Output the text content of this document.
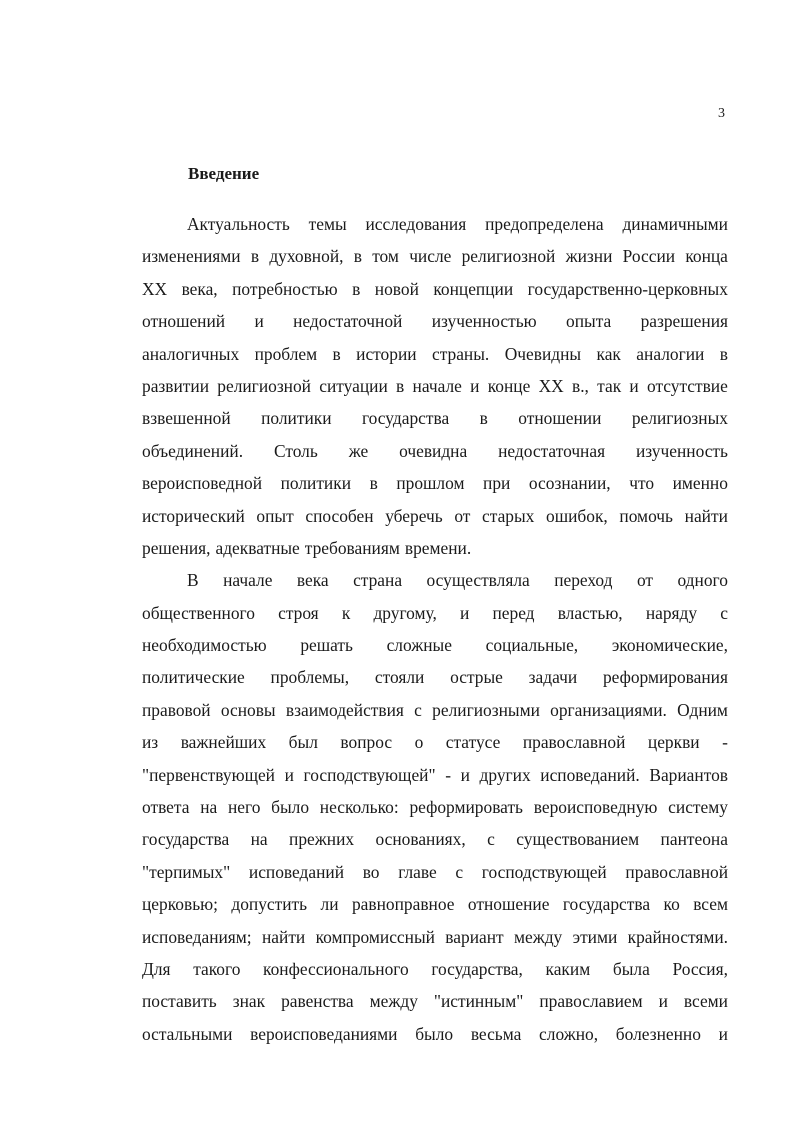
3
Введение
Актуальность темы исследования предопределена динамичными
изменениями в духовной, в том числе религиозной жизни России конца
XX века, потребностью в новой концепции государственно-церковных
отношений и недостаточной изученностью опыта разрешения
аналогичных проблем в истории страны. Очевидны как аналогии в
развитии религиозной ситуации в начале и конце XX в., так и отсутствие
взвешенной политики государства в отношении религиозных
объединений. Столь же очевидна недостаточная изученность
вероисповедной политики в прошлом при осознании, что именно
исторический опыт способен уберечь от старых ошибок, помочь найти
решения, адекватные требованиям времени.
В начале века страна осуществляла переход от одного
общественного строя к другому, и перед властью, наряду с
необходимостью решать сложные социальные, экономические,
политические проблемы, стояли острые задачи реформирования
правовой основы взаимодействия с религиозными организациями. Одним
из важнейших был вопрос о статусе православной церкви -
"первенствующей и господствующей" - и других исповеданий. Вариантов
ответа на него было несколько: реформировать вероисповедную систему
государства на прежних основаниях, с существованием пантеона
"терпимых" исповеданий во главе с господствующей православной
церковью; допустить ли равноправное отношение государства ко всем
исповеданиям; найти компромиссный вариант между этими крайностями.
Для такого конфессионального государства, каким была Россия,
поставить знак равенства между "истинным" православием и всеми
остальными вероисповеданиями было весьма сложно, болезненно и
